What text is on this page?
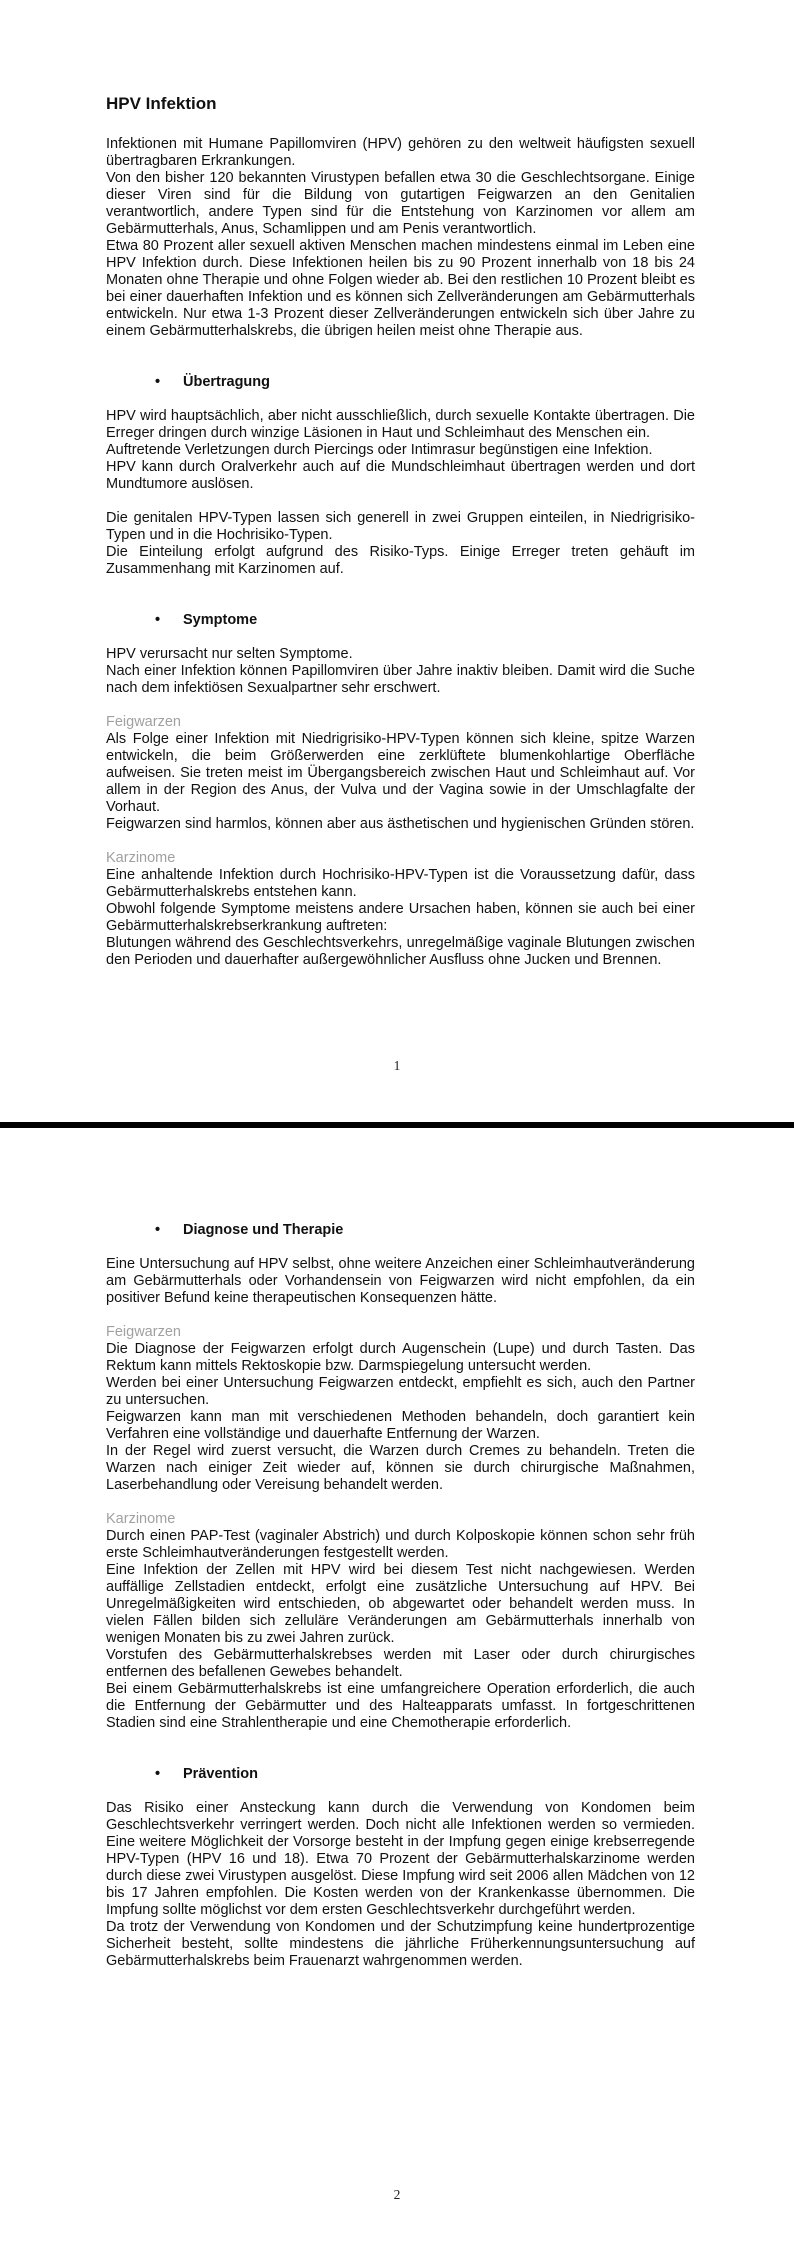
HPV Infektion

Infektionen mit Humane Papillomviren (HPV) gehören zu den weltweit häufigsten sexuell übertragbaren Erkrankungen.

Von den bisher 120 bekannten Virustypen befallen etwa 30 die Geschlechtsorgane. Einige dieser Viren sind für die Bildung von gutartigen Feigwarzen an den Genitalien verantwortlich, andere Typen sind für die Entstehung von Karzinomen vor allem am Gebärmutterhals, Anus, Schamlippen und am Penis verantwortlich.

Etwa 80 Prozent aller sexuell aktiven Menschen machen mindestens einmal im Leben eine HPV Infektion durch. Diese Infektionen heilen bis zu 90 Prozent innerhalb von 18 bis 24 Monaten ohne Therapie und ohne Folgen wieder ab. Bei den restlichen 10 Prozent bleibt es bei einer dauerhaften Infektion und es können sich Zellveränderungen am Gebärmutterhals entwickeln. Nur etwa 1-3 Prozent dieser Zellveränderungen entwickeln sich über Jahre zu einem Gebärmutterhalskrebs, die übrigen heilen meist ohne Therapie aus.

•	Übertragung

HPV wird hauptsächlich, aber nicht ausschließlich, durch sexuelle Kontakte übertragen. Die Erreger dringen durch winzige Läsionen in Haut und Schleimhaut des Menschen ein.

Auftretende Verletzungen durch Piercings oder Intimrasur begünstigen eine Infektion.

HPV kann durch Oralverkehr auch auf die Mundschleimhaut übertragen werden und dort Mundtumore auslösen.

Die genitalen HPV-Typen lassen sich generell in zwei Gruppen einteilen, in Niedrigrisiko-Typen und in die Hochrisiko-Typen.

Die Einteilung erfolgt aufgrund des Risiko-Typs. Einige Erreger treten gehäuft im Zusammenhang mit Karzinomen auf.

•	Symptome

HPV verursacht nur selten Symptome.

Nach einer Infektion können Papillomviren über Jahre inaktiv bleiben. Damit wird die Suche nach dem infektiösen Sexualpartner sehr erschwert.

Feigwarzen

Als Folge einer Infektion mit Niedrigrisiko-HPV-Typen können sich kleine, spitze Warzen entwickeln, die beim Größerwerden eine zerklüftete blumenkohlartige Oberfläche aufweisen. Sie treten meist im Übergangsbereich zwischen Haut und Schleimhaut auf. Vor allem in der Region des Anus, der Vulva und der Vagina sowie in der Umschlagfalte der Vorhaut.

Feigwarzen sind harmlos, können aber aus ästhetischen und hygienischen Gründen stören.

Karzinome

Eine anhaltende Infektion durch Hochrisiko-HPV-Typen ist die Voraussetzung dafür, dass Gebärmutterhalskrebs entstehen kann.

Obwohl folgende Symptome meistens andere Ursachen haben, können sie auch bei einer Gebärmutterhalskrebserkrankung auftreten:

Blutungen während des Geschlechtsverkehrs, unregelmäßige vaginale Blutungen zwischen den Perioden und dauerhafter außergewöhnlicher Ausfluss ohne Jucken und Brennen.

1
•	Diagnose und Therapie

Eine Untersuchung auf HPV selbst, ohne weitere Anzeichen einer Schleimhautveränderung am Gebärmutterhals oder Vorhandensein von Feigwarzen wird nicht empfohlen, da ein positiver Befund keine therapeutischen Konsequenzen hätte.

Feigwarzen

Die Diagnose der Feigwarzen erfolgt durch Augenschein (Lupe) und durch Tasten. Das Rektum kann mittels Rektoskopie bzw. Darmspiegelung untersucht werden.

Werden bei einer Untersuchung Feigwarzen entdeckt, empfiehlt es sich, auch den Partner zu untersuchen.

Feigwarzen kann man mit verschiedenen Methoden behandeln, doch garantiert kein Verfahren eine vollständige und dauerhafte Entfernung der Warzen.

In der Regel wird zuerst versucht, die Warzen durch Cremes zu behandeln. Treten die Warzen nach einiger Zeit wieder auf, können sie durch chirurgische Maßnahmen, Laserbehandlung oder Vereisung behandelt werden.

Karzinome

Durch einen PAP-Test (vaginaler Abstrich) und durch Kolposkopie können schon sehr früh erste Schleimhautveränderungen festgestellt werden.

Eine Infektion der Zellen mit HPV wird bei diesem Test nicht nachgewiesen. Werden auffällige Zellstadien entdeckt, erfolgt eine zusätzliche Untersuchung auf HPV. Bei Unregelmäßigkeiten wird entschieden, ob abgewartet oder behandelt werden muss. In vielen Fällen bilden sich zelluläre Veränderungen am Gebärmutterhals innerhalb von wenigen Monaten bis zu zwei Jahren zurück.

Vorstufen des Gebärmutterhalskrebses werden mit Laser oder durch chirurgisches entfernen des befallenen Gewebes behandelt.

Bei einem Gebärmutterhalskrebs ist eine umfangreichere Operation erforderlich, die auch die Entfernung der Gebärmutter und des Halteapparats umfasst. In fortgeschrittenen Stadien sind eine Strahlentherapie und eine Chemotherapie erforderlich.

•	Prävention

Das Risiko einer Ansteckung kann durch die Verwendung von Kondomen beim Geschlechtsverkehr verringert werden. Doch nicht alle Infektionen werden so vermieden. Eine weitere Möglichkeit der Vorsorge besteht in der Impfung gegen einige krebserregende HPV-Typen (HPV 16 und 18). Etwa 70 Prozent der Gebärmutterhalskarzinome werden durch diese zwei Virustypen ausgelöst. Diese Impfung wird seit 2006 allen Mädchen von 12 bis 17 Jahren empfohlen. Die Kosten werden von der Krankenkasse übernommen. Die Impfung sollte möglichst vor dem ersten Geschlechtsverkehr durchgeführt werden.

Da trotz der Verwendung von Kondomen und der Schutzimpfung keine hundertprozentige Sicherheit besteht, sollte mindestens die jährliche Früherkennungsuntersuchung auf Gebärmutterhalskrebs beim Frauenarzt wahrgenommen werden.

2
